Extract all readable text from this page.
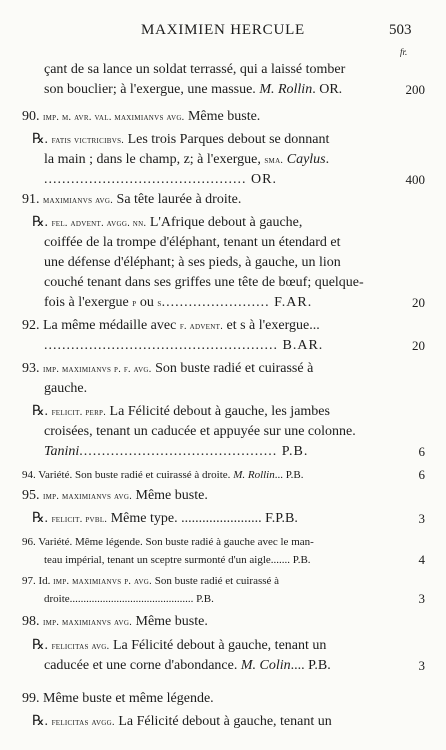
MAXIMIEN HERCULE	503
fr.
çant de sa lance un soldat terrassé, qui a laissé tomber
son bouclier; à l'exergue, une massue. M. Rollin. OR.
90. imp. m. avr. val. maximianvs avg. Même buste.
℞. fatis victricibvs. Les trois Parques debout se donnant
la main ; dans le champ, z; à l'exergue, sma. Caylus.
............................................. OR.
91. maximianvs avg. Sa tête laurée à droite.
℞. fel. advent. avgg. nn. L'Afrique debout à gauche,
coiffée de la trompe d'éléphant, tenant un étendard et
une défense d'éléphant; à ses pieds, à gauche, un lion
couché tenant dans ses griffes une tête de bœuf; quelque-
fois à l'exergue p ou s........................ F.AR.
92. La même médaille avec f. advent. et s à l'exergue...
.................................................... B.AR.
93. imp. maximianvs p. f. avg. Son buste radié et cuirassé à
gauche.
℞. felicit. perp. La Félicité debout à gauche, les jambes
croisées, tenant un caducée et appuyée sur une colonne.
Tanini............................................ P.B.
94. Variété. Son buste radié et cuirassé à droite. M. Rollin... P.B.
95. imp. maximianvs avg. Même buste.
℞. felicit. pvbl. Même type. ....................... F.P.B.
96. Variété. Même légende. Son buste radié à gauche avec le man-
teau impérial, tenant un sceptre surmonté d'un aigle....... P.B.
97. Id. imp. maximianvs p. avg. Son buste radié et cuirassé à
droite............................................. P.B.
98. imp. maximianvs avg. Même buste.
℞. felicitas avg. La Félicité debout à gauche, tenant un
caducée et une corne d'abondance. M. Colin.... P.B.
99. Même buste et même légende.
℞. felicitas avgg. La Félicité debout à gauche, tenant un
200
400
20
20
6
6
3
4
3
3
